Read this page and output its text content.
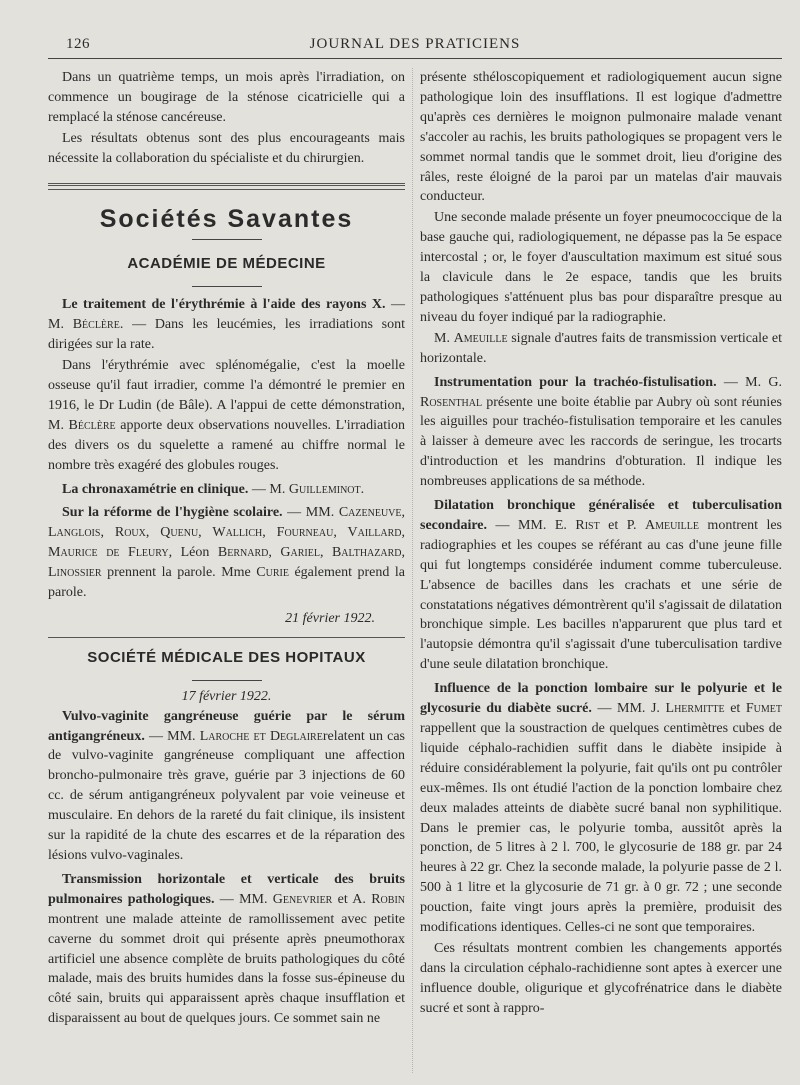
126	JOURNAL DES PRATICIENS

Dans un quatrième temps, un mois après l'irradiation, on commence un bougirage de la sténose cicatricielle qui a remplacé la sténose cancéreuse.

Les résultats obtenus sont des plus encourageants mais nécessite la collaboration du spécialiste et du chirurgien.

Sociétés Savantes
ACADÉMIE DE MÉDECINE

Le traitement de l'érythrémie à l'aide des rayons X. — M. Béclère. — Dans les leucémies, les irradiations sont dirigées sur la rate.

Dans l'érythrémie avec splénomégalie, c'est la moelle osseuse qu'il faut irradier, comme l'a démontré le premier en 1916, le Dr Ludin (de Bâle). A l'appui de cette démonstration, M. Béclère apporte deux observations nouvelles. L'irradiation des divers os du squelette a ramené au chiffre normal le nombre très exagéré des globules rouges.

La chronaxamétrie en clinique. — M. Guilleminot.

Sur la réforme de l'hygiène scolaire. — MM. Cazeneuve, Langlois, Roux, Quenu, Wallich, Fourneau, Vaillard, Maurice de Fleury, Léon Bernard, Gariel, Balthazard, Linossier prennent la parole. Mme Curie également prend la parole.

21 février 1922.
SOCIÉTÉ MÉDICALE DES HOPITAUX
17 février 1922.

Vulvo-vaginite gangréneuse guérie par le sérum antigangréneux. — MM. Laroche et Deglairerelatent un cas de vulvo-vaginite gangréneuse compliquant une affection broncho-pulmonaire très grave, guérie par 3 injections de 60 cc. de sérum antigangréneux polyvalent par voie veineuse et musculaire. En dehors de la rareté du fait clinique, ils insistent sur la rapidité de la chute des escarres et de la réparation des lésions vulvo-vaginales.

Transmission horizontale et verticale des bruits pulmonaires pathologiques. — MM. Genevrier et A. Robin montrent une malade atteinte de ramollissement avec petite caverne du sommet droit qui présente après pneumothorax artificiel une absence complète de bruits pathologiques du côté malade, mais des bruits humides dans la fosse sus-épineuse du côté sain, bruits qui apparaissent après chaque insufflation et disparaissent au bout de quelques jours. Ce sommet sain ne

présente sthéloscopiquement et radiologiquement aucun signe pathologique loin des insufflations. Il est logique d'admettre qu'après ces dernières le moignon pulmonaire malade venant s'accoler au rachis, les bruits pathologiques se propagent vers le sommet normal tandis que le sommet droit, lieu d'origine des râles, reste éloigné de la paroi par un matelas d'air mauvais conducteur.

Une seconde malade présente un foyer pneumococcique de la base gauche qui, radiologiquement, ne dépasse pas la 5e espace intercostal ; or, le foyer d'auscultation maximum est situé sous la clavicule dans le 2e espace, tandis que les bruits pathologiques s'atténuent plus bas pour disparaître presque au niveau du foyer indiqué par la radiographie.

M. Ameuille signale d'autres faits de transmission verticale et horizontale.

Instrumentation pour la trachéo-fistulisation. — M. G. Rosenthal présente une boite établie par Aubry où sont réunies les aiguilles pour trachéo-fistulisation temporaire et les canules à laisser à demeure avec les raccords de seringue, les trocarts d'introduction et les mandrins d'obturation. Il indique les nombreuses applications de sa méthode.

Dilatation bronchique généralisée et tuberculisation secondaire. — MM. E. Rist et P. Ameuille montrent les radiographies et les coupes se référant au cas d'une jeune fille qui fut longtemps considérée indument comme tuberculeuse. L'absence de bacilles dans les crachats et une série de constatations négatives démontrèrent qu'il s'agissait de dilatation bronchique simple. Les bacilles n'apparurent que plus tard et l'autopsie démontra qu'il s'agissait d'une tuberculisation tardive d'une seule dilatation bronchique.

Influence de la ponction lombaire sur le polyurie et le glycosurie du diabète sucré. — MM. J. Lhermitte et Fumet rappellent que la soustraction de quelques centimètres cubes de liquide céphalo-rachidien suffit dans le diabète insipide à réduire considérablement la polyurie, fait qu'ils ont pu contrôler eux-mêmes. Ils ont étudié l'action de la ponction lombaire chez deux malades atteints de diabète sucré banal non syphilitique. Dans le premier cas, le polyurie tomba, aussitôt après la ponction, de 5 litres à 2 l. 700, le glycosurie de 188 gr. par 24 heures à 22 gr. Chez la seconde malade, la polyurie passe de 2 l. 500 à 1 litre et la glycosurie de 71 gr. à 0 gr. 72 ; une seconde pouction, faite vingt jours après la première, produisit des modifications identiques. Celles-ci ne sont que temporaires.

Ces résultats montrent combien les changements apportés dans la circulation céphalo-rachidienne sont aptes à exercer une influence double, oligurique et glycofrénatrice dans le diabète sucré et sont à rappro-
